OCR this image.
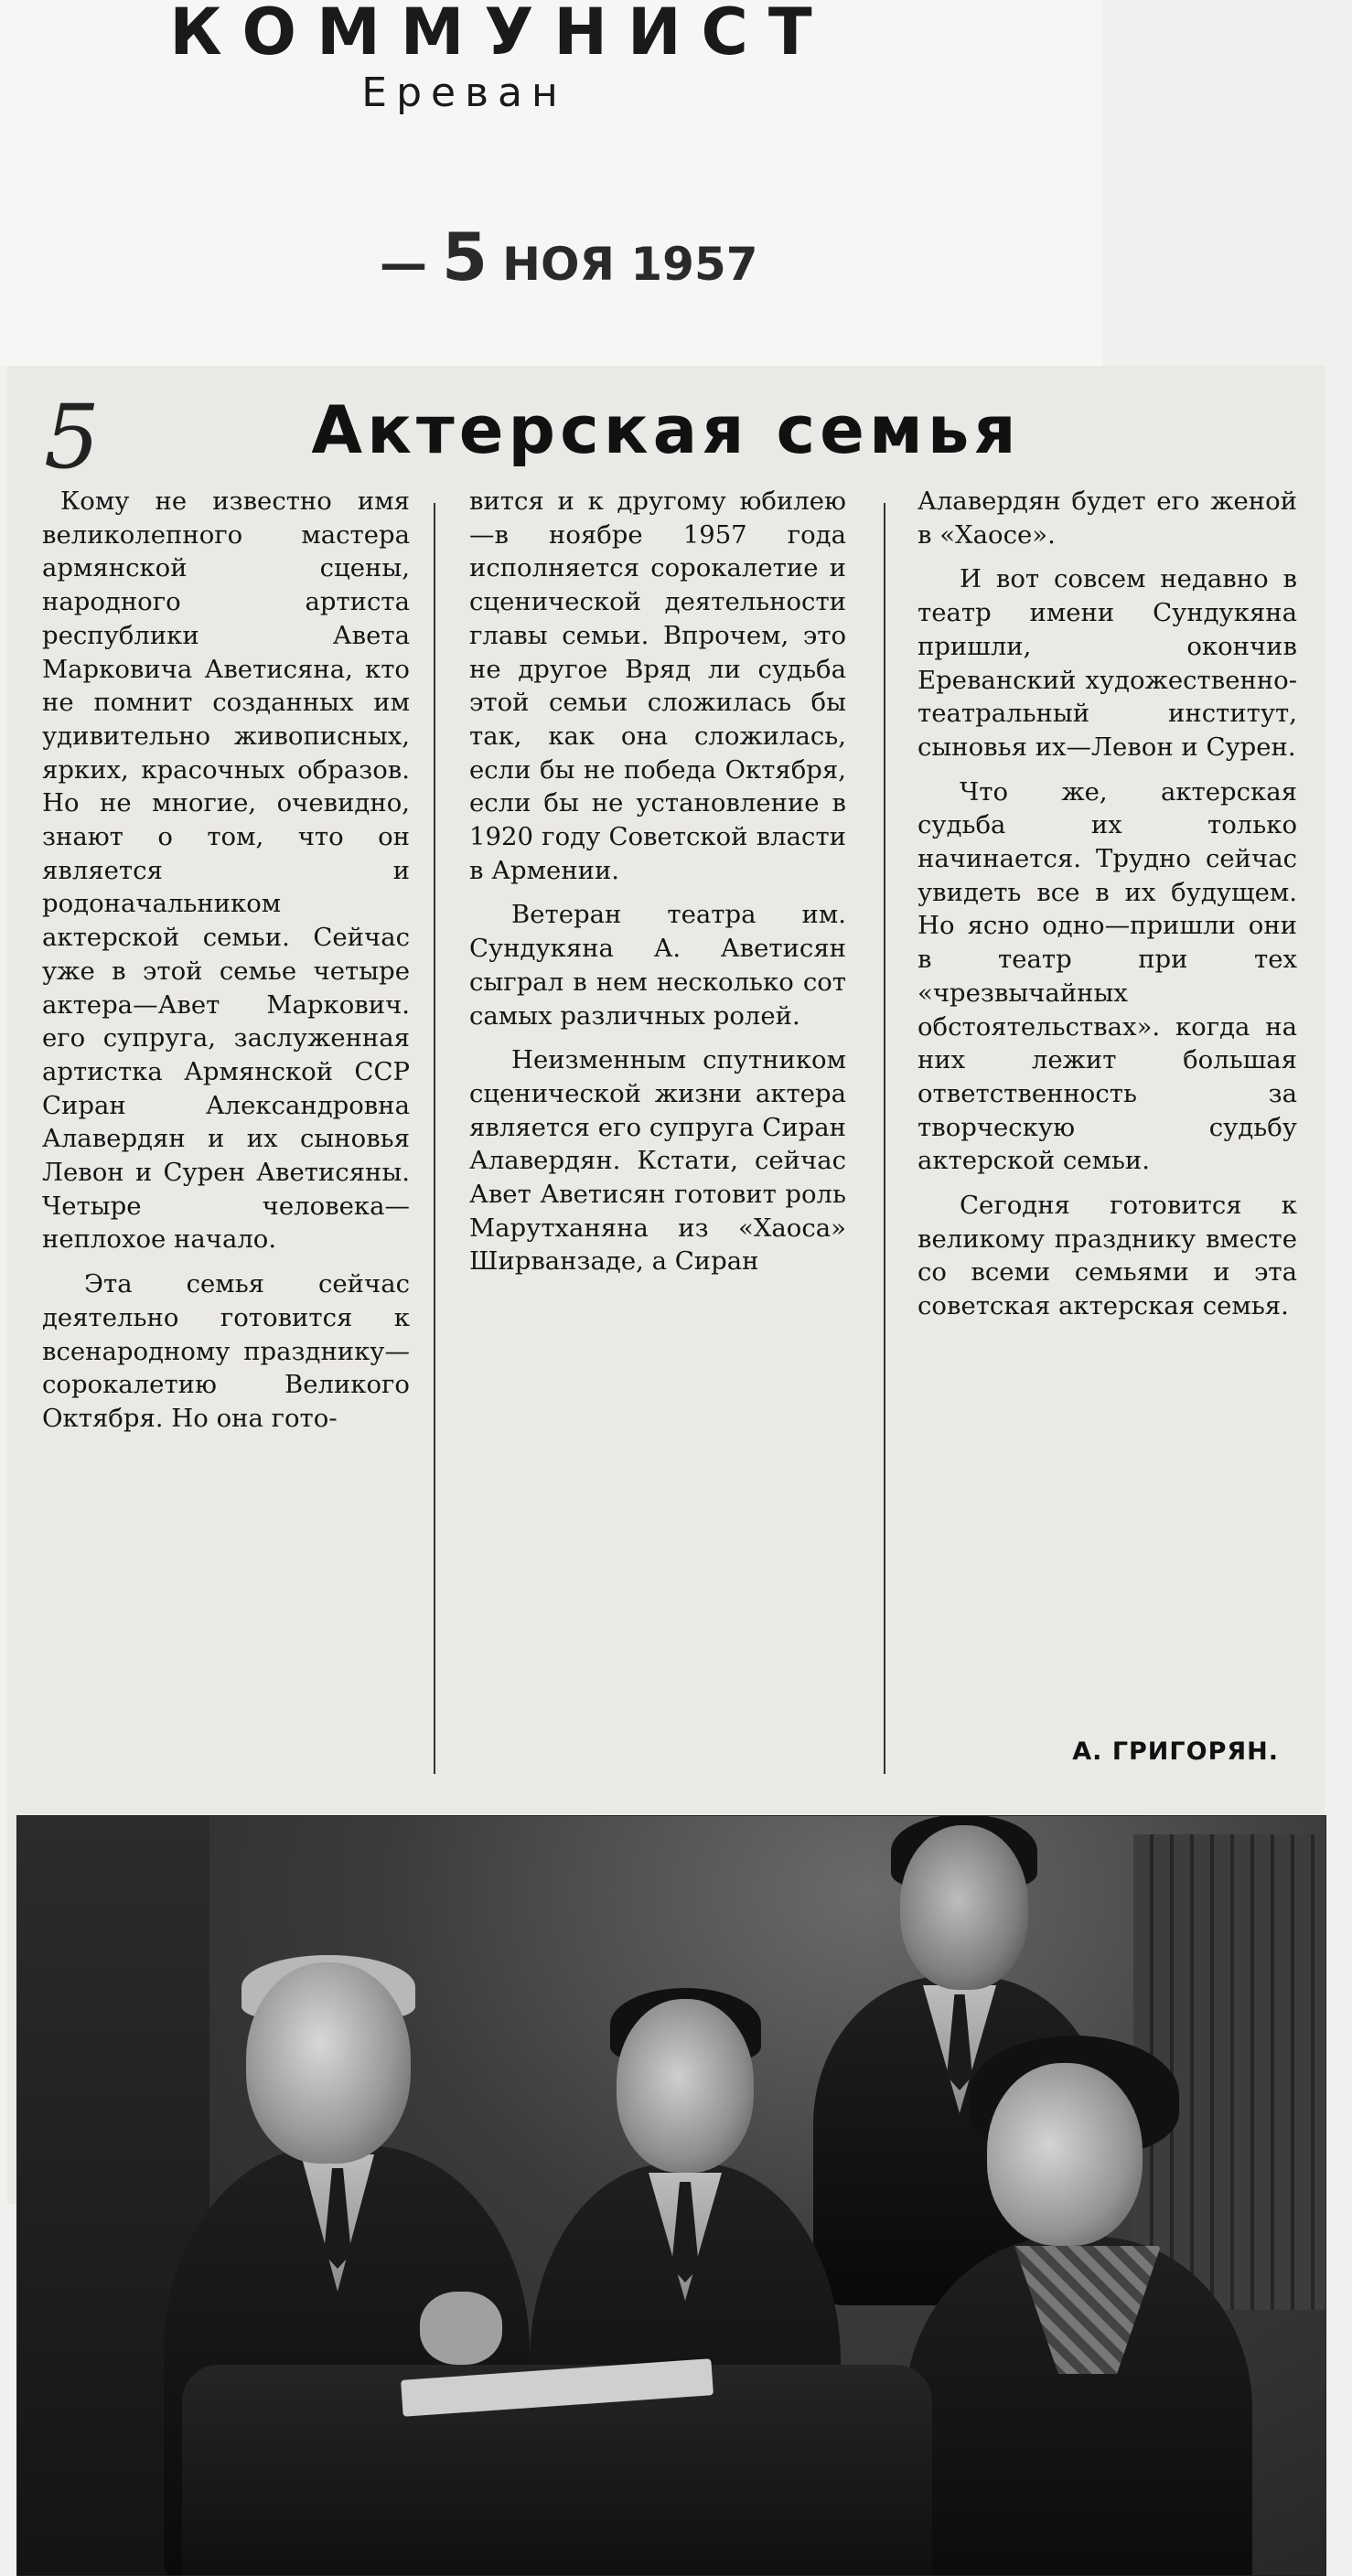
КОММУНИСТ
Ереван
— 5 НОЯ 1957
5	Актерская семья

Кому не известно имя великолепного мастера армянской сцены, народного артиста республики Авета Марковича Аветисяна, кто не помнит созданных им удивительно живописных, ярких, красочных образов. Но не многие, очевидно, знают о том, что он является и родоначальником актерской семьи. Сейчас уже в этой семье четыре актера—Авет Маркович. его супруга, заслуженная артистка Армянской ССР Сиран Александровна Алавердян и их сыновья Левон и Сурен Аветисяны. Четыре человека—неплохое начало.

Эта семья сейчас деятельно готовится к всенародному празднику—сорокалетию Великого Октября. Но она гото-

вится и к другому юбилею—в ноябре 1957 года исполняется сорокалетие и сценической деятельности главы семьи. Впрочем, это не другое Вряд ли судьба этой семьи сложилась бы так, как она сложилась, если бы не победа Октября, если бы не установление в 1920 году Советской власти в Армении.

Ветеран театра им. Сундукяна А. Аветисян сыграл в нем несколько сот самых различных ролей.

Неизменным спутником сценической жизни актера является его супруга Сиран Алавердян. Кстати, сейчас Авет Аветисян готовит роль Марутханяна из «Хаоса» Ширванзаде, а Сиран

Алавердян будет его женой в «Хаосе».

И вот совсем недавно в театр имени Сундукяна пришли, окончив Ереванский художественно-театральный институт, сыновья их—Левон и Сурен.

Что же, актерская судьба их только начинается. Трудно сейчас увидеть все в их будущем. Но ясно одно—пришли они в театр при тех «чрезвычайных обстоятельствах». когда на них лежит большая ответственность за творческую судьбу актерской семьи.

Сегодня готовится к великому празднику вместе со всеми семьями и эта советская актерская семья.

А. ГРИГОРЯН.
